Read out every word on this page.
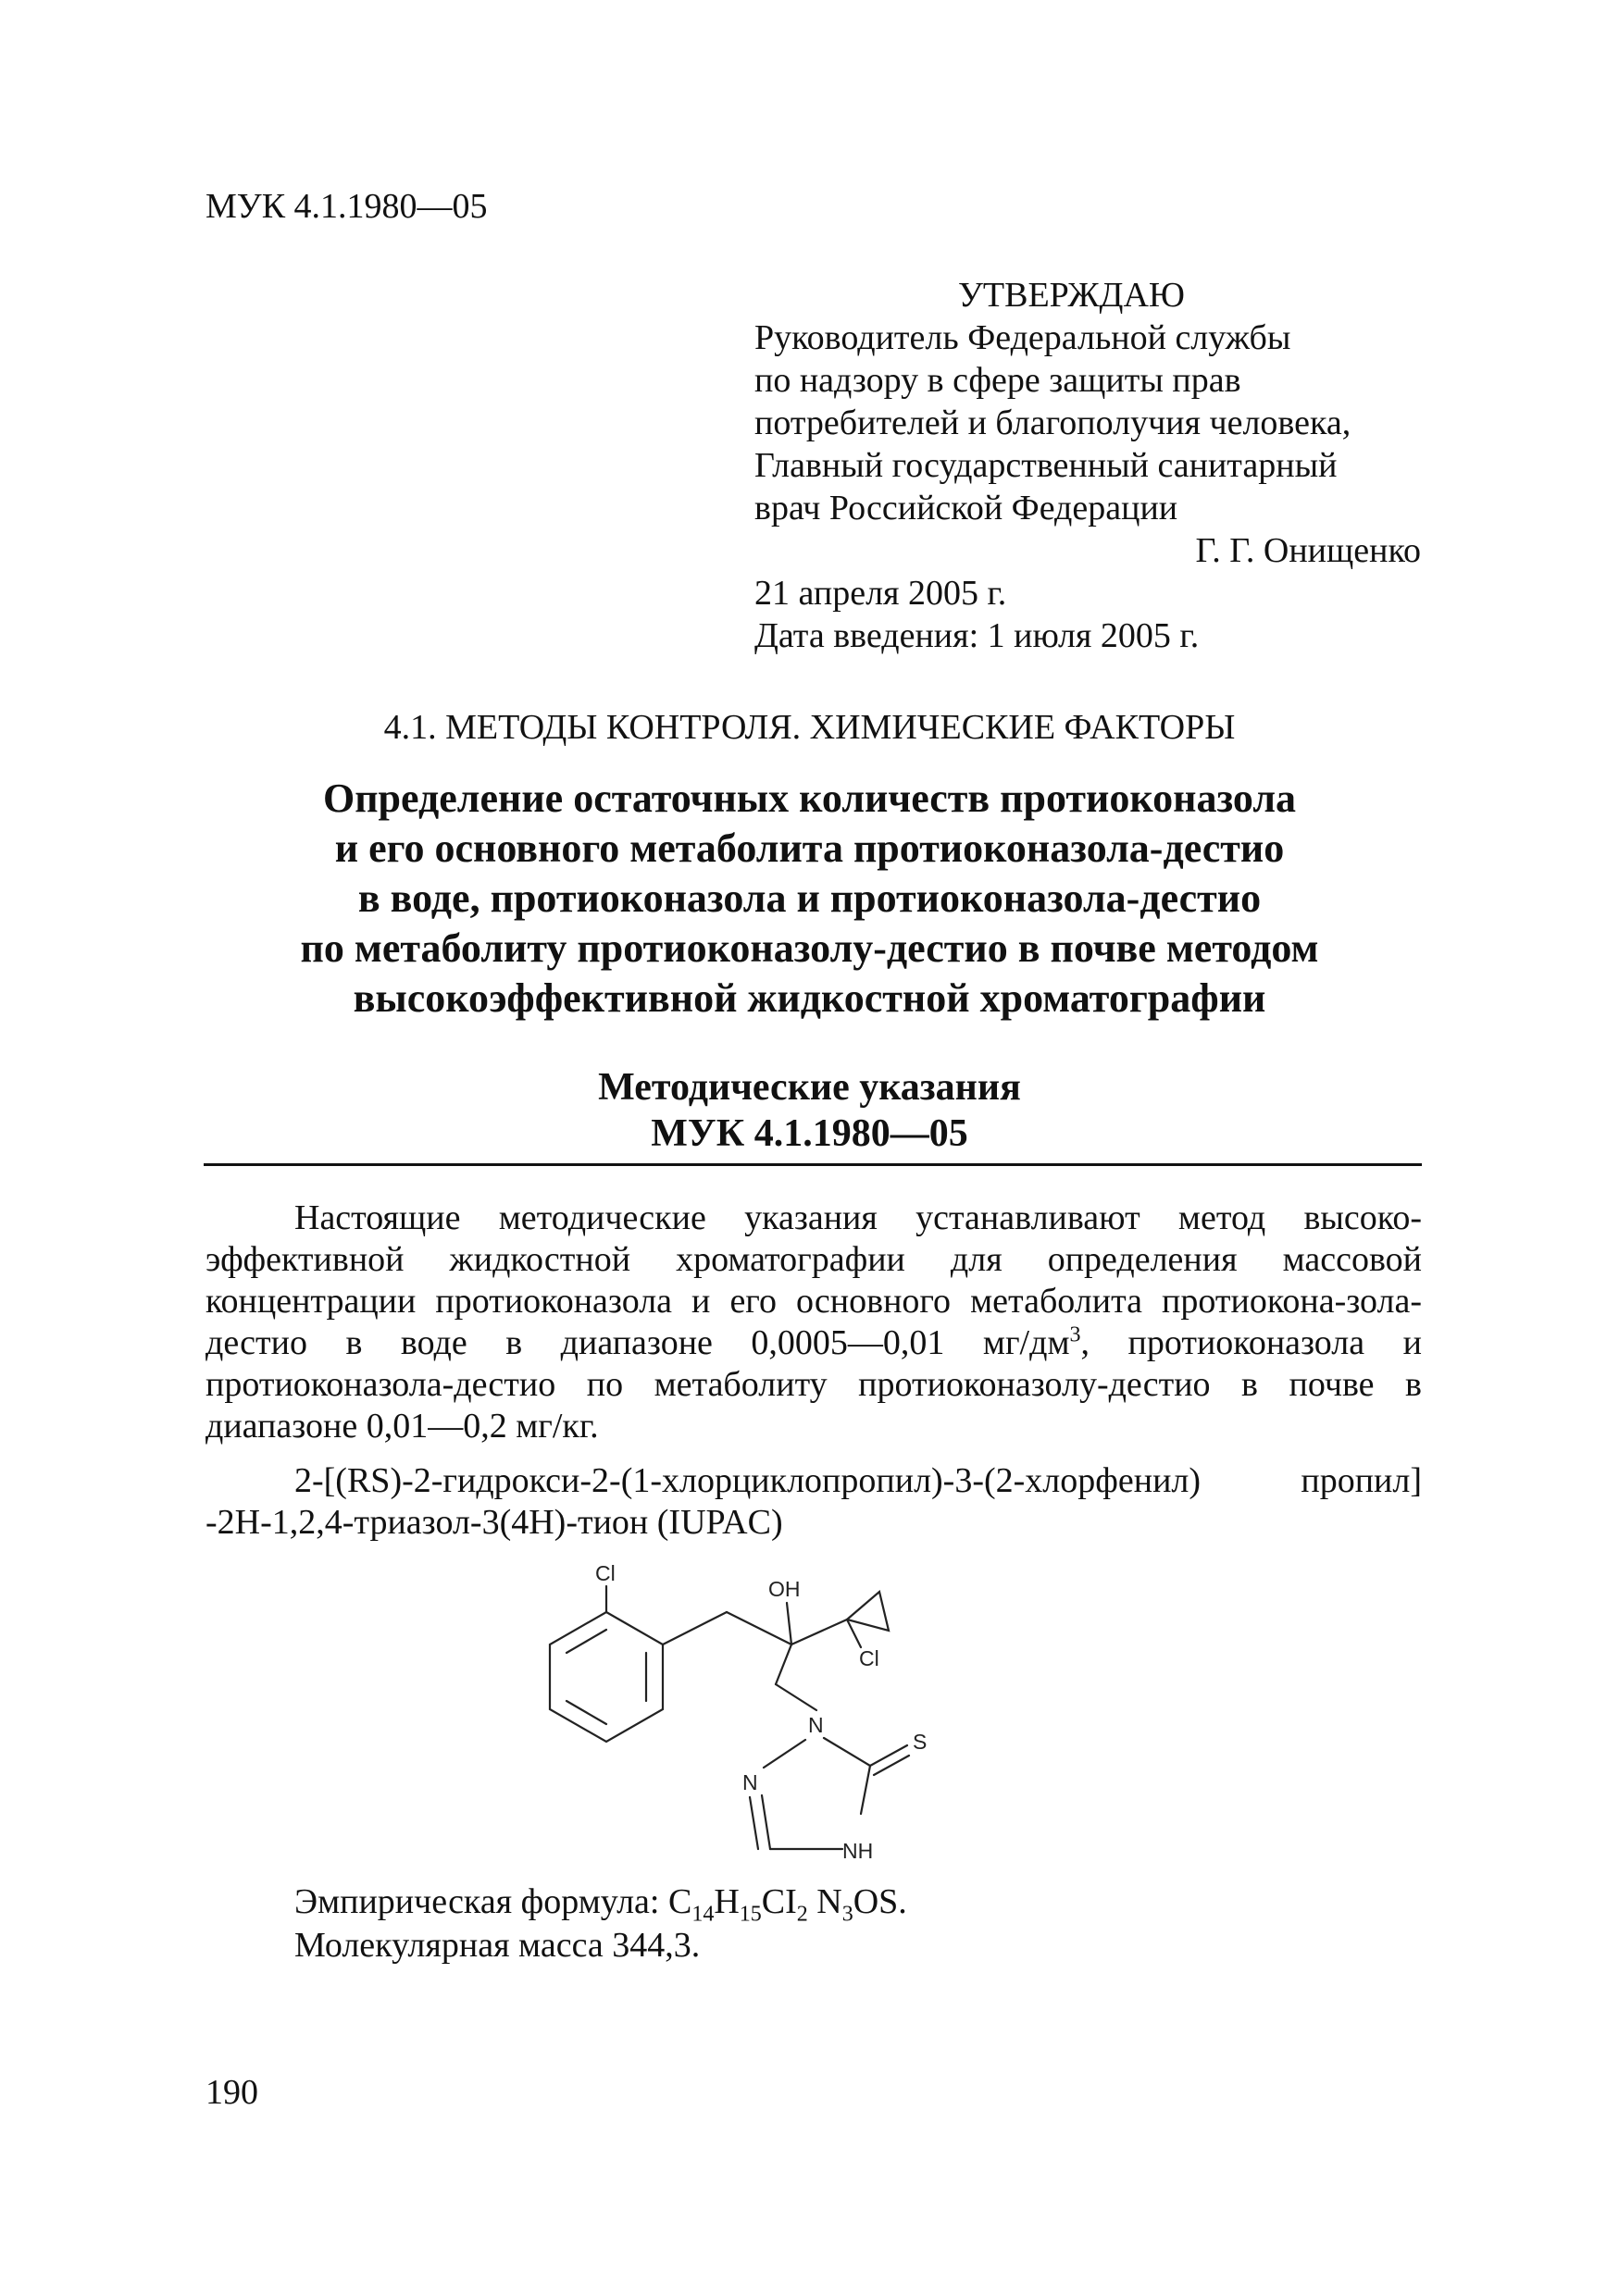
МУК 4.1.1980—05
УТВЕРЖДАЮ
Руководитель Федеральной службы
по надзору в сфере защиты прав
потребителей и благополучия человека,
Главный государственный санитарный
врач Российской Федерации
Г. Г. Онищенко
21 апреля 2005 г.
Дата введения: 1 июля 2005 г.
4.1. МЕТОДЫ КОНТРОЛЯ. ХИМИЧЕСКИЕ ФАКТОРЫ
Определение остаточных количеств протиоконазола
и его основного метаболита протиоконазола-дестио
в воде, протиоконазола и протиоконазола-дестио
по метаболиту протиоконазолу-дестио в почве методом
высокоэффективной жидкостной хроматографии
Методические указания
МУК 4.1.1980—05
Настоящие методические указания устанавливают метод высоко-эффективной жидкостной хроматографии для определения массовой концентрации протиоконазола и его основного метаболита протиокона-зола-дестио в воде в диапазоне 0,0005—0,01 $мг/дм^3$, протиоконазола и протиоконазола-дестио по метаболиту протиоконазолу-дестио в почве в диапазоне 0,01—0,2 мг/кг.
2-[(RS)-2-гидрокси-2-(1-хлорциклопропил)-3-(2-хлорфенил) пропил]
-2H-1,2,4-триазол-3(4H)-тион (IUPAC)
Cl
OH
Cl
N
N
S
NH
Эмпирическая формула: $C_{14}H_{15}CI_2$ $N_3OS$.
Молекулярная масса 344,3.
190
